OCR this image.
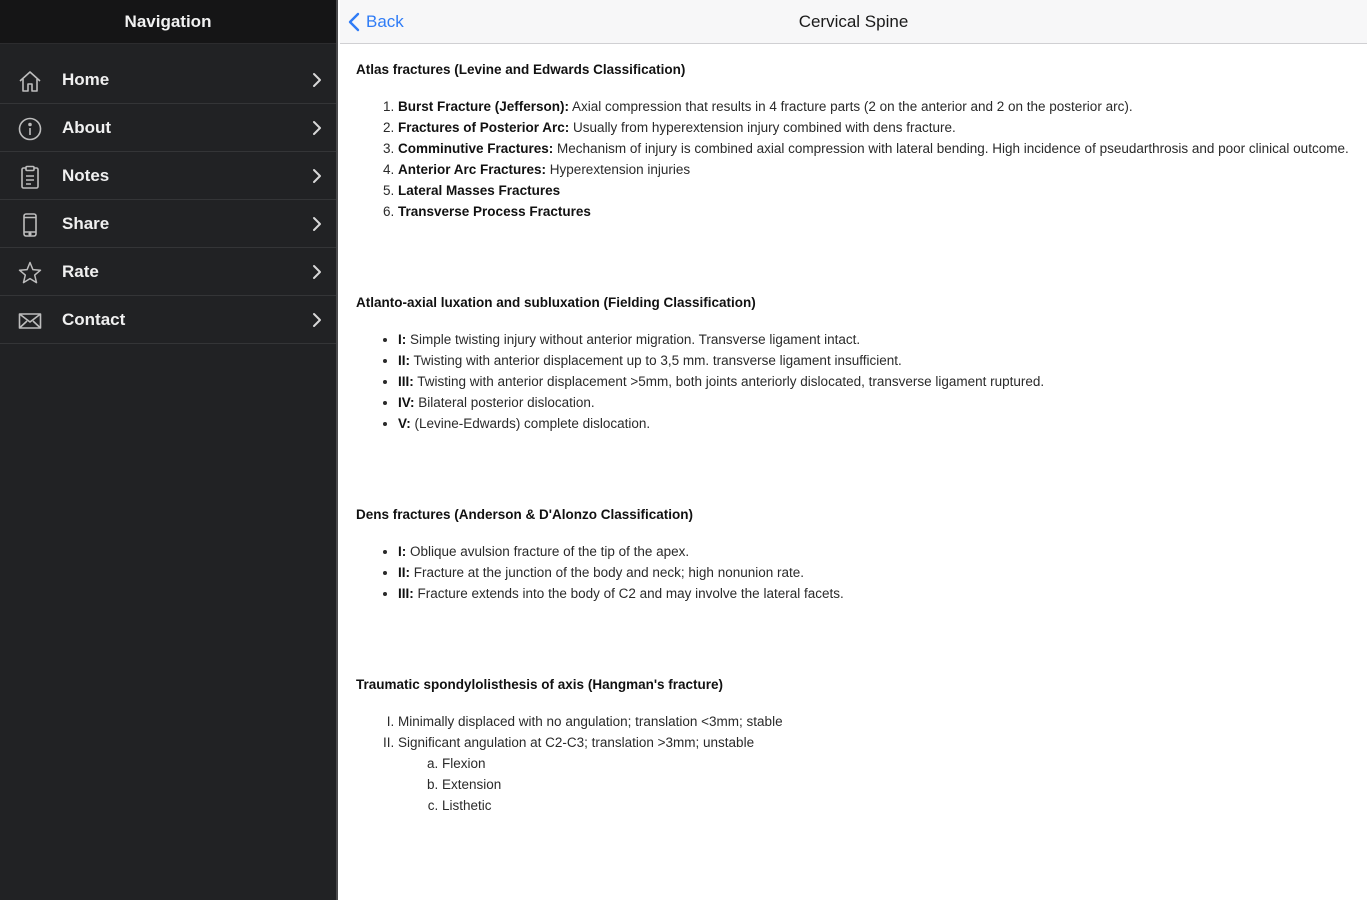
Navigation
Home
About
Notes
Share
Rate
Contact
Back	Cervical Spine
Atlas fractures (Levine and Edwards Classification)
1. Burst Fracture (Jefferson): Axial compression that results in 4 fracture parts (2 on the anterior and 2 on the posterior arc).
2. Fractures of Posterior Arc: Usually from hyperextension injury combined with dens fracture.
3. Comminutive Fractures: Mechanism of injury is combined axial compression with lateral bending. High incidence of pseudarthrosis and poor clinical outcome.
4. Anterior Arc Fractures: Hyperextension injuries
5. Lateral Masses Fractures
6. Transverse Process Fractures
Atlanto-axial luxation and subluxation (Fielding Classification)
• I: Simple twisting injury without anterior migration. Transverse ligament intact.
• II: Twisting with anterior displacement up to 3,5 mm. transverse ligament insufficient.
• III: Twisting with anterior displacement >5mm, both joints anteriorly dislocated, transverse ligament ruptured.
• IV: Bilateral posterior dislocation.
• V: (Levine-Edwards) complete dislocation.
Dens fractures (Anderson & D'Alonzo Classification)
• I: Oblique avulsion fracture of the tip of the apex.
• II: Fracture at the junction of the body and neck; high nonunion rate.
• III: Fracture extends into the body of C2 and may involve the lateral facets.
Traumatic spondylolisthesis of axis (Hangman's fracture)
I. Minimally displaced with no angulation; translation <3mm; stable
II. Significant angulation at C2-C3; translation >3mm; unstable
a. Flexion
b. Extension
c. Listhetic
